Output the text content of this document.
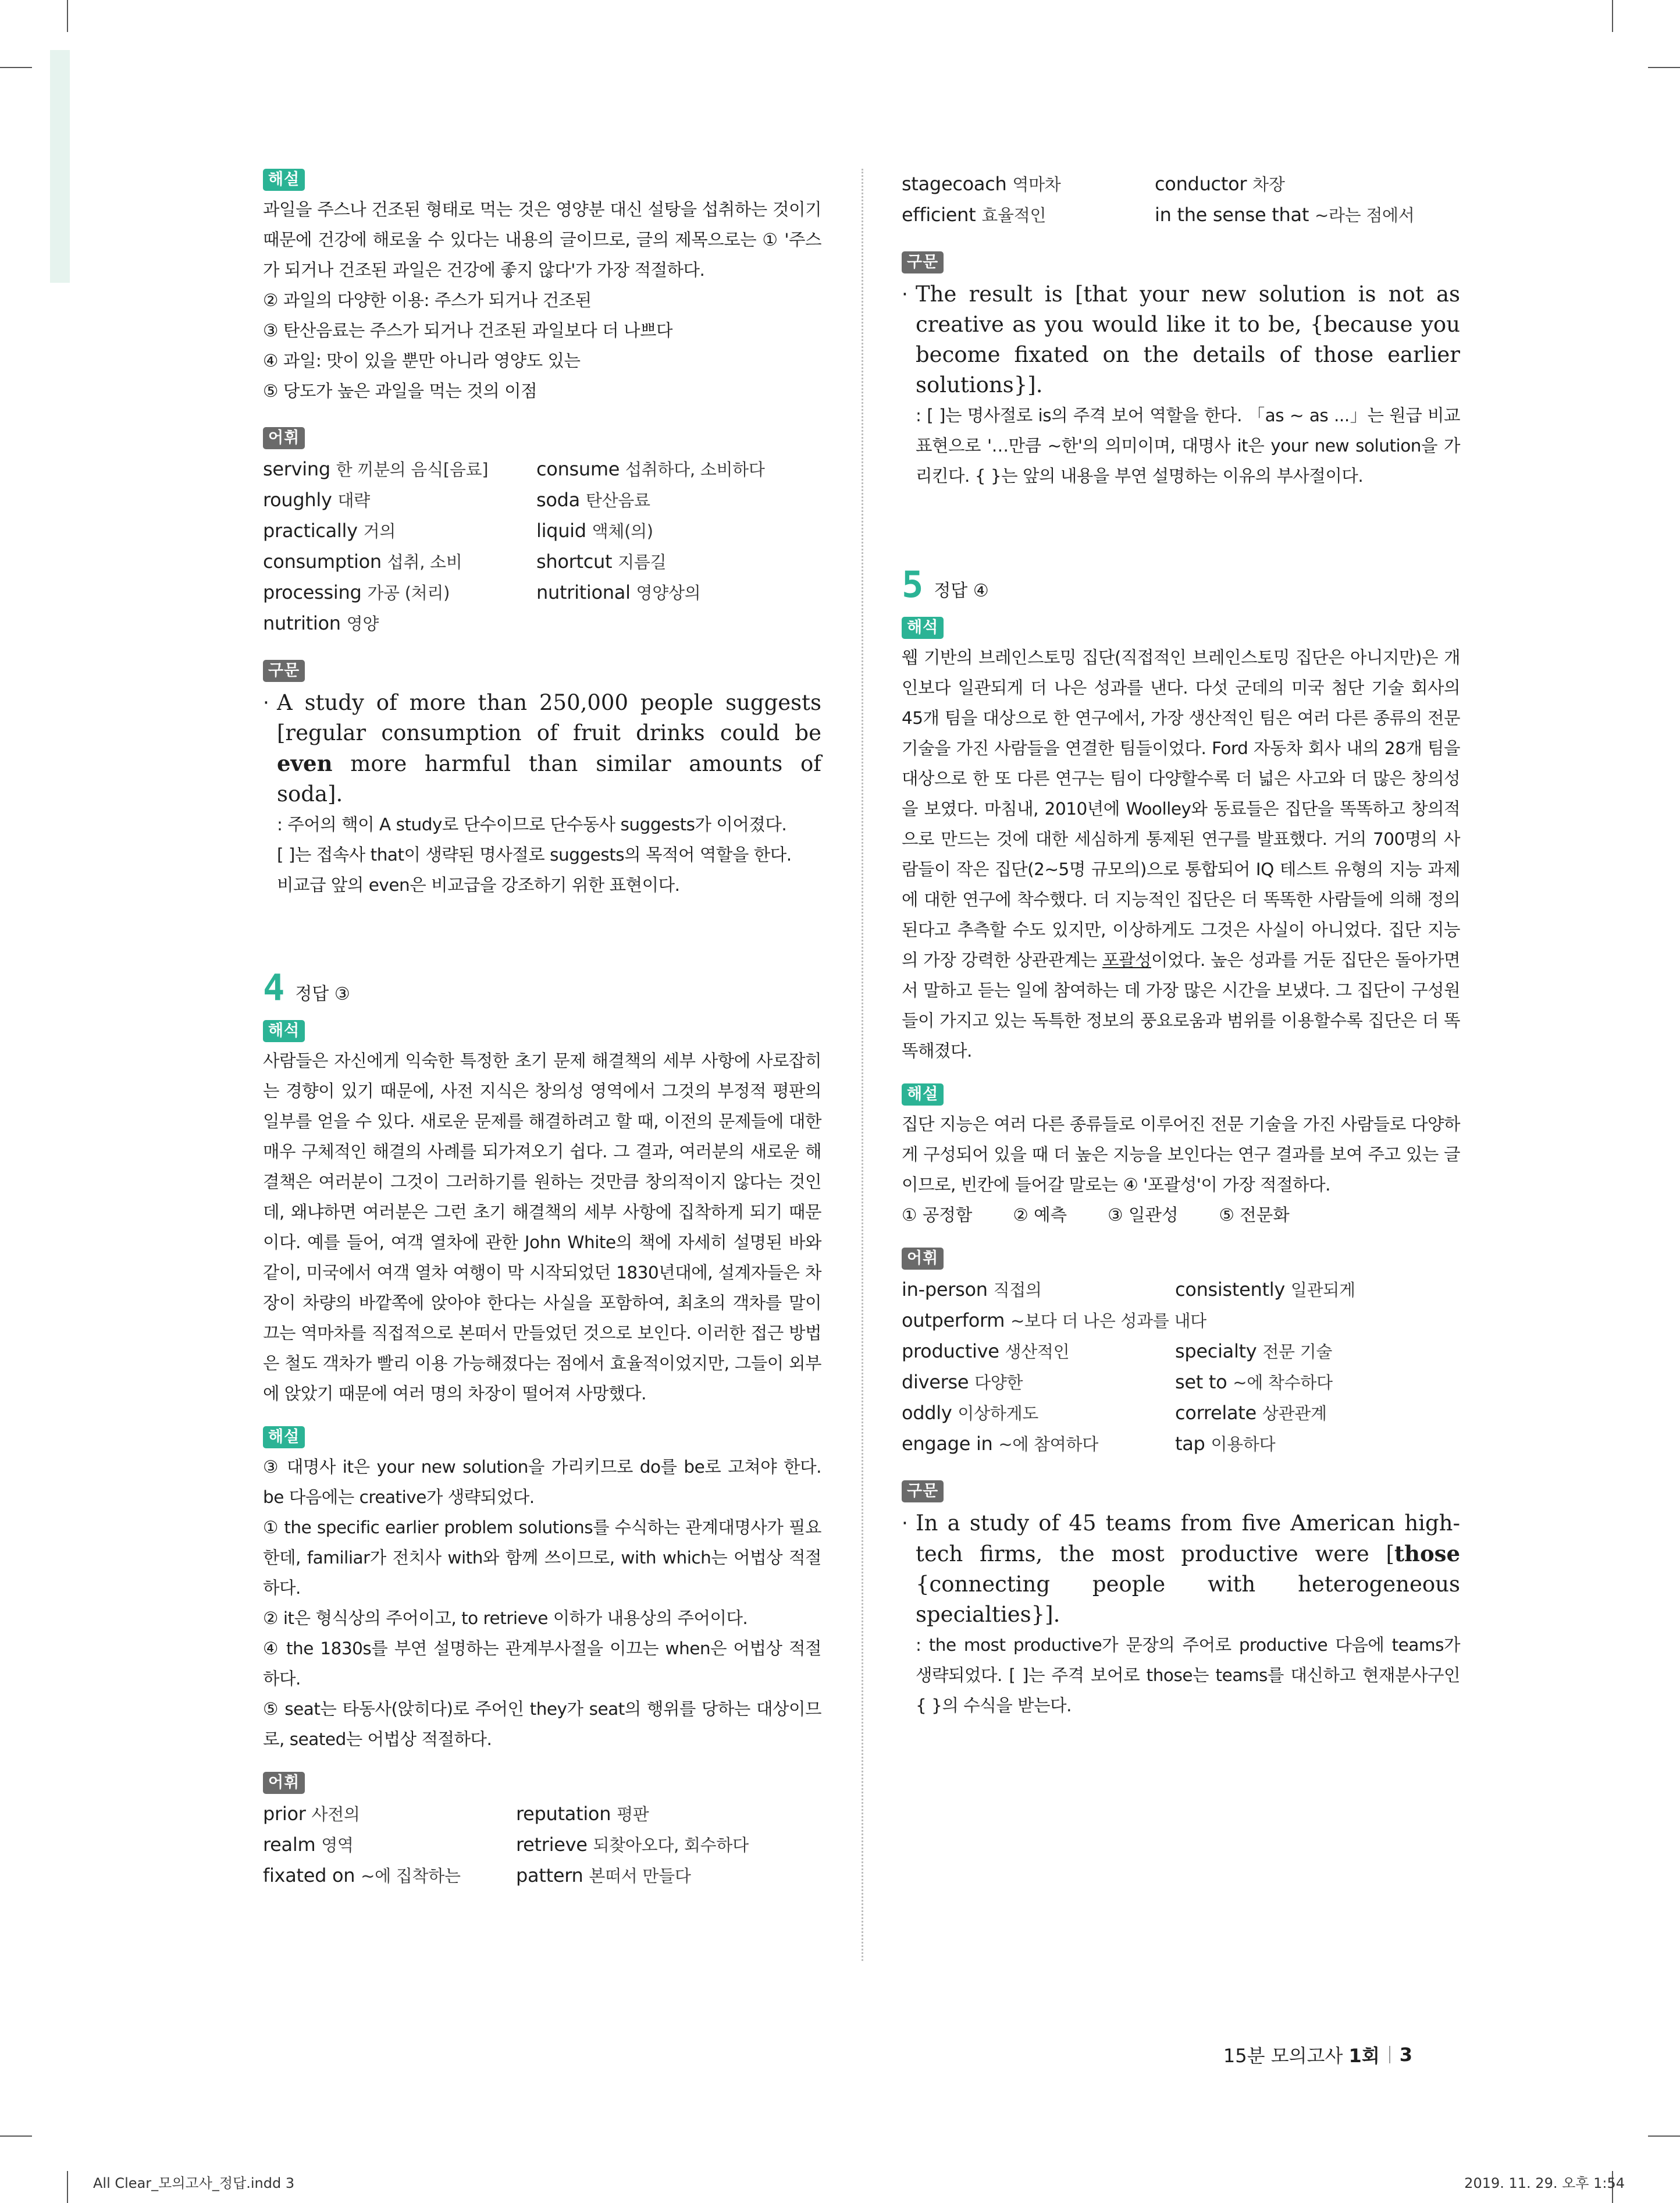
해설

과일을 주스나 건조된 형태로 먹는 것은 영양분 대신 설탕을 섭취하는 것이기 때문에 건강에 해로울 수 있다는 내용의 글이므로, 글의 제목으로는 ① '주스가 되거나 건조된 과일은 건강에 좋지 않다'가 가장 적절하다.

② 과일의 다양한 이용: 주스가 되거나 건조된
③ 탄산음료는 주스가 되거나 건조된 과일보다 더 나쁘다
④ 과일: 맛이 있을 뿐만 아니라 영양도 있는
⑤ 당도가 높은 과일을 먹는 것의 이점
어휘
serving 한 끼분의 음식[음료]	consume 섭취하다, 소비하다
roughly 대략	soda 탄산음료
practically 거의	liquid 액체(의)
consumption 섭취, 소비	shortcut 지름길
processing 가공 (처리)	nutritional 영양상의
nutrition 영양
구문
· A study of more than 250,000 people suggests [regular consumption of fruit drinks could be even more harmful than similar amounts of soda].
: 주어의 핵이 A study로 단수이므로 단수동사 suggests가 이어졌다.
[ ]는 접속사 that이 생략된 명사절로 suggests의 목적어 역할을 한다.
비교급 앞의 even은 비교급을 강조하기 위한 표현이다.
4 정답 ③
해석

사람들은 자신에게 익숙한 특정한 초기 문제 해결책의 세부 사항에 사로잡히는 경향이 있기 때문에, 사전 지식은 창의성 영역에서 그것의 부정적 평판의 일부를 얻을 수 있다. 새로운 문제를 해결하려고 할 때, 이전의 문제들에 대한 매우 구체적인 해결의 사례를 되가져오기 쉽다. 그 결과, 여러분의 새로운 해결책은 여러분이 그것이 그러하기를 원하는 것만큼 창의적이지 않다는 것인데, 왜냐하면 여러분은 그런 초기 해결책의 세부 사항에 집착하게 되기 때문이다. 예를 들어, 여객 열차에 관한 John White의 책에 자세히 설명된 바와 같이, 미국에서 여객 열차 여행이 막 시작되었던 1830년대에, 설계자들은 차장이 차량의 바깥쪽에 앉아야 한다는 사실을 포함하여, 최초의 객차를 말이 끄는 역마차를 직접적으로 본떠서 만들었던 것으로 보인다. 이러한 접근 방법은 철도 객차가 빨리 이용 가능해졌다는 점에서 효율적이었지만, 그들이 외부에 앉았기 때문에 여러 명의 차장이 떨어져 사망했다.

해설

③ 대명사 it은 your new solution을 가리키므로 do를 be로 고쳐야 한다. be 다음에는 creative가 생략되었다.

① the specific earlier problem solutions를 수식하는 관계대명사가 필요한데, familiar가 전치사 with와 함께 쓰이므로, with which는 어법상 적절하다.

② it은 형식상의 주어이고, to retrieve 이하가 내용상의 주어이다.

④ the 1830s를 부연 설명하는 관계부사절을 이끄는 when은 어법상 적절하다.

⑤ seat는 타동사(앉히다)로 주어인 they가 seat의 행위를 당하는 대상이므로, seated는 어법상 적절하다.

어휘
prior 사전의	reputation 평판
realm 영역	retrieve 되찾아오다, 회수하다
fixated on ~에 집착하는	pattern 본떠서 만들다
stagecoach 역마차	conductor 차장
efficient 효율적인	in the sense that ~라는 점에서
구문
· The result is [that your new solution is not as creative as you would like it to be, {because you become fixated on the details of those earlier solutions}].
: [ ]는 명사절로 is의 주격 보어 역할을 한다. 「as ~ as ...」는 원급 비교 표현으로 '…만큼 ~한'의 의미이며, 대명사 it은 your new solution을 가리킨다. { }는 앞의 내용을 부연 설명하는 이유의 부사절이다.
5 정답 ④
해석

웹 기반의 브레인스토밍 집단(직접적인 브레인스토밍 집단은 아니지만)은 개인보다 일관되게 더 나은 성과를 낸다. 다섯 군데의 미국 첨단 기술 회사의 45개 팀을 대상으로 한 연구에서, 가장 생산적인 팀은 여러 다른 종류의 전문 기술을 가진 사람들을 연결한 팀들이었다. Ford 자동차 회사 내의 28개 팀을 대상으로 한 또 다른 연구는 팀이 다양할수록 더 넓은 사고와 더 많은 창의성을 보였다. 마침내, 2010년에 Woolley와 동료들은 집단을 똑똑하고 창의적으로 만드는 것에 대한 세심하게 통제된 연구를 발표했다. 거의 700명의 사람들이 작은 집단(2~5명 규모의)으로 통합되어 IQ 테스트 유형의 지능 과제에 대한 연구에 착수했다. 더 지능적인 집단은 더 똑똑한 사람들에 의해 정의된다고 추측할 수도 있지만, 이상하게도 그것은 사실이 아니었다. 집단 지능의 가장 강력한 상관관계는 포괄성이었다. 높은 성과를 거둔 집단은 돌아가면서 말하고 듣는 일에 참여하는 데 가장 많은 시간을 보냈다. 그 집단이 구성원들이 가지고 있는 독특한 정보의 풍요로움과 범위를 이용할수록 집단은 더 똑똑해졌다.

해설

집단 지능은 여러 다른 종류들로 이루어진 전문 기술을 가진 사람들로 다양하게 구성되어 있을 때 더 높은 지능을 보인다는 연구 결과를 보여 주고 있는 글이므로, 빈칸에 들어갈 말로는 ④ '포괄성'이 가장 적절하다.

① 공정함 ② 예측 ③ 일관성 ⑤ 전문화
어휘
in-person 직접의	consistently 일관되게
outperform ~보다 더 나은 성과를 내다
productive 생산적인	specialty 전문 기술
diverse 다양한	set to ~에 착수하다
oddly 이상하게도	correlate 상관관계
engage in ~에 참여하다	tap 이용하다
구문
· In a study of 45 teams from five American high-tech firms, the most productive were [those {connecting people with heterogeneous specialties}].
: the most productive가 문장의 주어로 productive 다음에 teams가 생략되었다. [ ]는 주격 보어로 those는 teams를 대신하고 현재분사구인 { }의 수식을 받는다.
15분 모의고사 1회 3
All Clear_모의고사_정답.indd 3	2019. 11. 29. 오후 1:54
